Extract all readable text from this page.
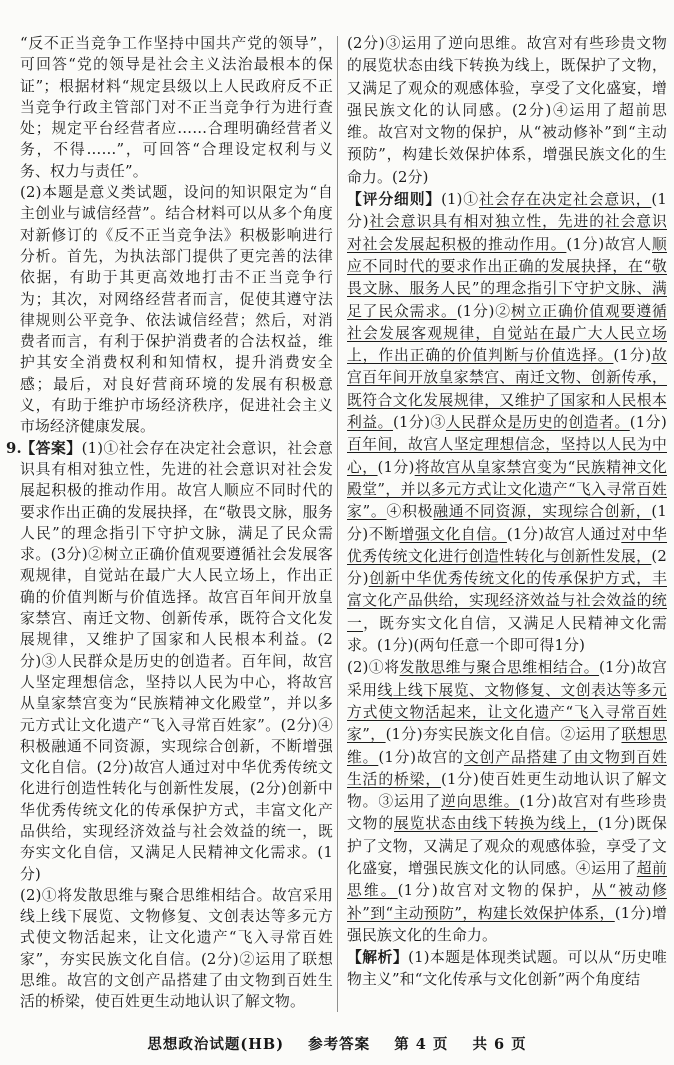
“反不正当竞争工作坚持中国共产党的领导”，可回答“党的领导是社会主义法治最根本的保证”；根据材料“规定县级以上人民政府反不正当竞争行政主管部门对不正当竞争行为进行查处；规定平台经营者应……合理明确经营者义务，不得……”，可回答“合理设定权利与义务、权力与责任”。

(2)本题是意义类试题，设问的知识限定为“自主创业与诚信经营”。结合材料可以从多个角度对新修订的《反不正当竞争法》积极影响进行分析。首先，为执法部门提供了更完善的法律依据，有助于其更高效地打击不正当竞争行为；其次，对网络经营者而言，促使其遵守法律规则公平竞争、依法诚信经营；然后，对消费者而言，有利于保护消费者的合法权益，维护其安全消费权利和知情权，提升消费安全感；最后，对良好营商环境的发展有积极意义，有助于维护市场经济秩序，促进社会主义市场经济健康发展。

9.【答案】(1)①社会存在决定社会意识，社会意识具有相对独立性，先进的社会意识对社会发展起积极的推动作用。故宫人顺应不同时代的要求作出正确的发展抉择，在“敬畏文脉，服务人民”的理念指引下守护文脉，满足了民众需求。(3分)②树立正确价值观要遵循社会发展客观规律，自觉站在最广大人民立场上，作出正确的价值判断与价值选择。故宫百年间开放皇家禁宫、南迁文物、创新传承，既符合文化发展规律，又维护了国家和人民根本利益。(2分)③人民群众是历史的创造者。百年间，故宫人坚定理想信念，坚持以人民为中心，将故宫从皇家禁宫变为“民族精神文化殿堂”，并以多元方式让文化遗产“飞入寻常百姓家”。(2分)④积极融通不同资源，实现综合创新，不断增强文化自信。(2分)故宫人通过对中华优秀传统文化进行创造性转化与创新性发展，(2分)创新中华优秀传统文化的传承保护方式，丰富文化产品供给，实现经济效益与社会效益的统一，既夯实文化自信，又满足人民精神文化需求。(1分)

(2)①将发散思维与聚合思维相结合。故宫采用线上线下展览、文物修复、文创表达等多元方式使文物活起来，让文化遗产“飞入寻常百姓家”，夯实民族文化自信。(2分)②运用了联想思维。故宫的文创产品搭建了由文物到百姓生活的桥梁，使百姓更生动地认识了解文物。

(2分)③运用了逆向思维。故宫对有些珍贵文物的展览状态由线下转换为线上，既保护了文物，又满足了观众的观感体验，享受了文化盛宴，增强民族文化的认同感。(2分)④运用了超前思维。故宫对文物的保护，从“被动修补”到“主动预防”，构建长效保护体系，增强民族文化的生命力。(2分)

【评分细则】(1)①社会存在决定社会意识，(1分)社会意识具有相对独立性，先进的社会意识对社会发展起积极的推动作用。(1分)故宫人顺应不同时代的要求作出正确的发展抉择，在“敬畏文脉、服务人民”的理念指引下守护文脉、满足了民众需求。(1分)②树立正确价值观要遵循社会发展客观规律，自觉站在最广大人民立场上，作出正确的价值判断与价值选择。(1分)故宫百年间开放皇家禁宫、南迁文物、创新传承，既符合文化发展规律，又维护了国家和人民根本利益。(1分)③人民群众是历史的创造者。(1分)百年间，故宫人坚定理想信念，坚持以人民为中心，(1分)将故宫从皇家禁宫变为“民族精神文化殿堂”，并以多元方式让文化遗产“飞入寻常百姓家”。④积极融通不同资源，实现综合创新，(1分)不断增强文化自信。(1分)故宫人通过对中华优秀传统文化进行创造性转化与创新性发展，(2分)创新中华优秀传统文化的传承保护方式，丰富文化产品供给，实现经济效益与社会效益的统一，既夯实文化自信，又满足人民精神文化需求。(1分)(两句任意一个即可得1分)

(2)①将发散思维与聚合思维相结合。(1分)故宫采用线上线下展览、文物修复、文创表达等多元方式使文物活起来，让文化遗产“飞入寻常百姓家”，(1分)夯实民族文化自信。②运用了联想思维。(1分)故宫的文创产品搭建了由文物到百姓生活的桥梁，(1分)使百姓更生动地认识了解文物。③运用了逆向思维。(1分)故宫对有些珍贵文物的展览状态由线下转换为线上，(1分)既保护了文物，又满足了观众的观感体验，享受了文化盛宴，增强民族文化的认同感。④运用了超前思维。(1分)故宫对文物的保护，从“被动修补”到“主动预防”，构建长效保护体系，(1分)增强民族文化的生命力。

【解析】(1)本题是体现类试题。可以从“历史唯物主义”和“文化传承与文化创新”两个角度结

思想政治试题(HB) 参考答案 第 4 页 共 6 页
